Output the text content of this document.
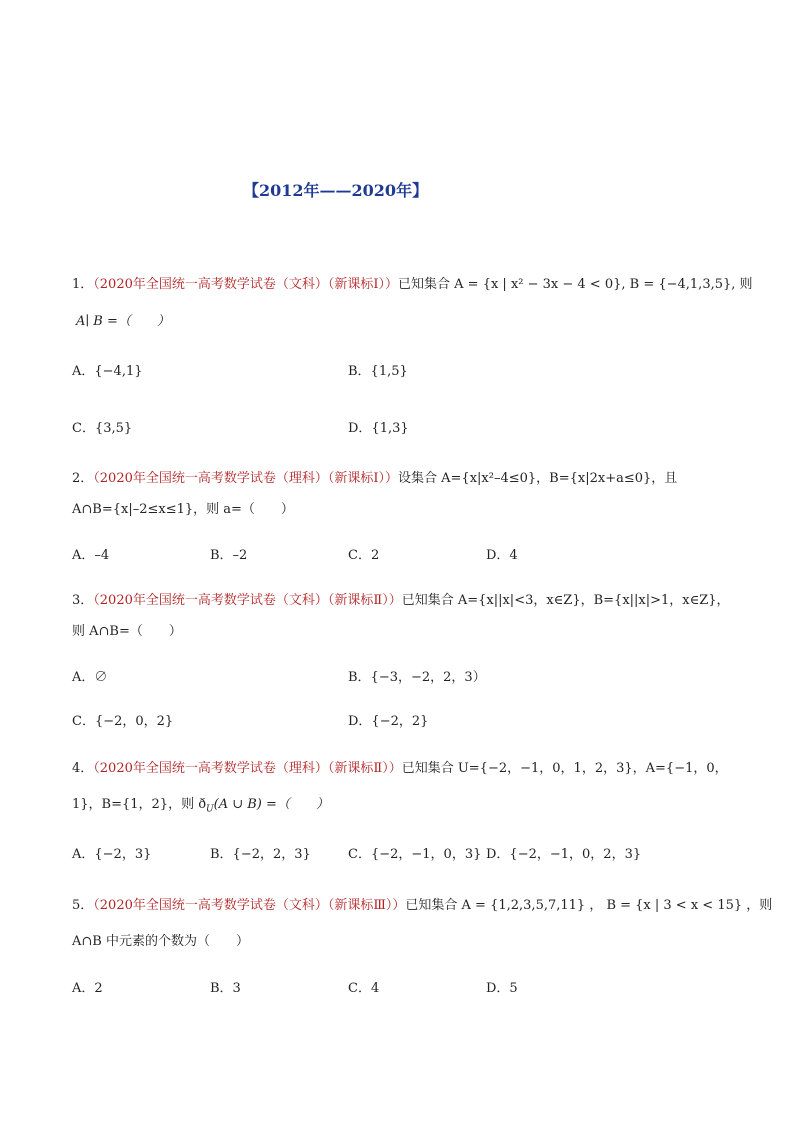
【2012年——2020年】
1．（2020年全国统一高考数学试卷（文科）（新课标Ⅰ））已知集合 A = {x | x² − 3x − 4 < 0}, B = {−4,1,3,5}, 则
A∣ B =（　　）
A．{−4,1}	B．{1,5}
C．{3,5}	D．{1,3}
2．（2020年全国统一高考数学试卷（理科）（新课标Ⅰ））设集合 A={x|x²–4≤0}，B={x|2x+a≤0}，且
A∩B={x|–2≤x≤1}，则 a=（　　）
A．–4	B．–2	C．2	D．4
3．（2020年全国统一高考数学试卷（文科）（新课标Ⅱ））已知集合 A={x||x|<3，x∈Z}，B={x||x|>1，x∈Z}，
则 A∩B=（　　）
A．∅	B．{−3，−2，2，3）
C．{−2，0，2}	D．{−2，2}
4．（2020年全国统一高考数学试卷（理科）（新课标Ⅱ））已知集合 U={−2，−1，0，1，2，3}，A={−1，0，
1}，B={1，2}，则 $ð_U(A$ ∪ B) =（　　）
A．{−2，3}	B．{−2，2，3}	C．{−2，−1，0，3} D．{−2，−1，0，2，3}
5．（2020年全国统一高考数学试卷（文科）（新课标Ⅲ））已知集合 A = {1,2,3,5,7,11} ， B = {x | 3 < x < 15} ，则
A∩B 中元素的个数为（　　）
A．2	B．3	C．4	D．5
